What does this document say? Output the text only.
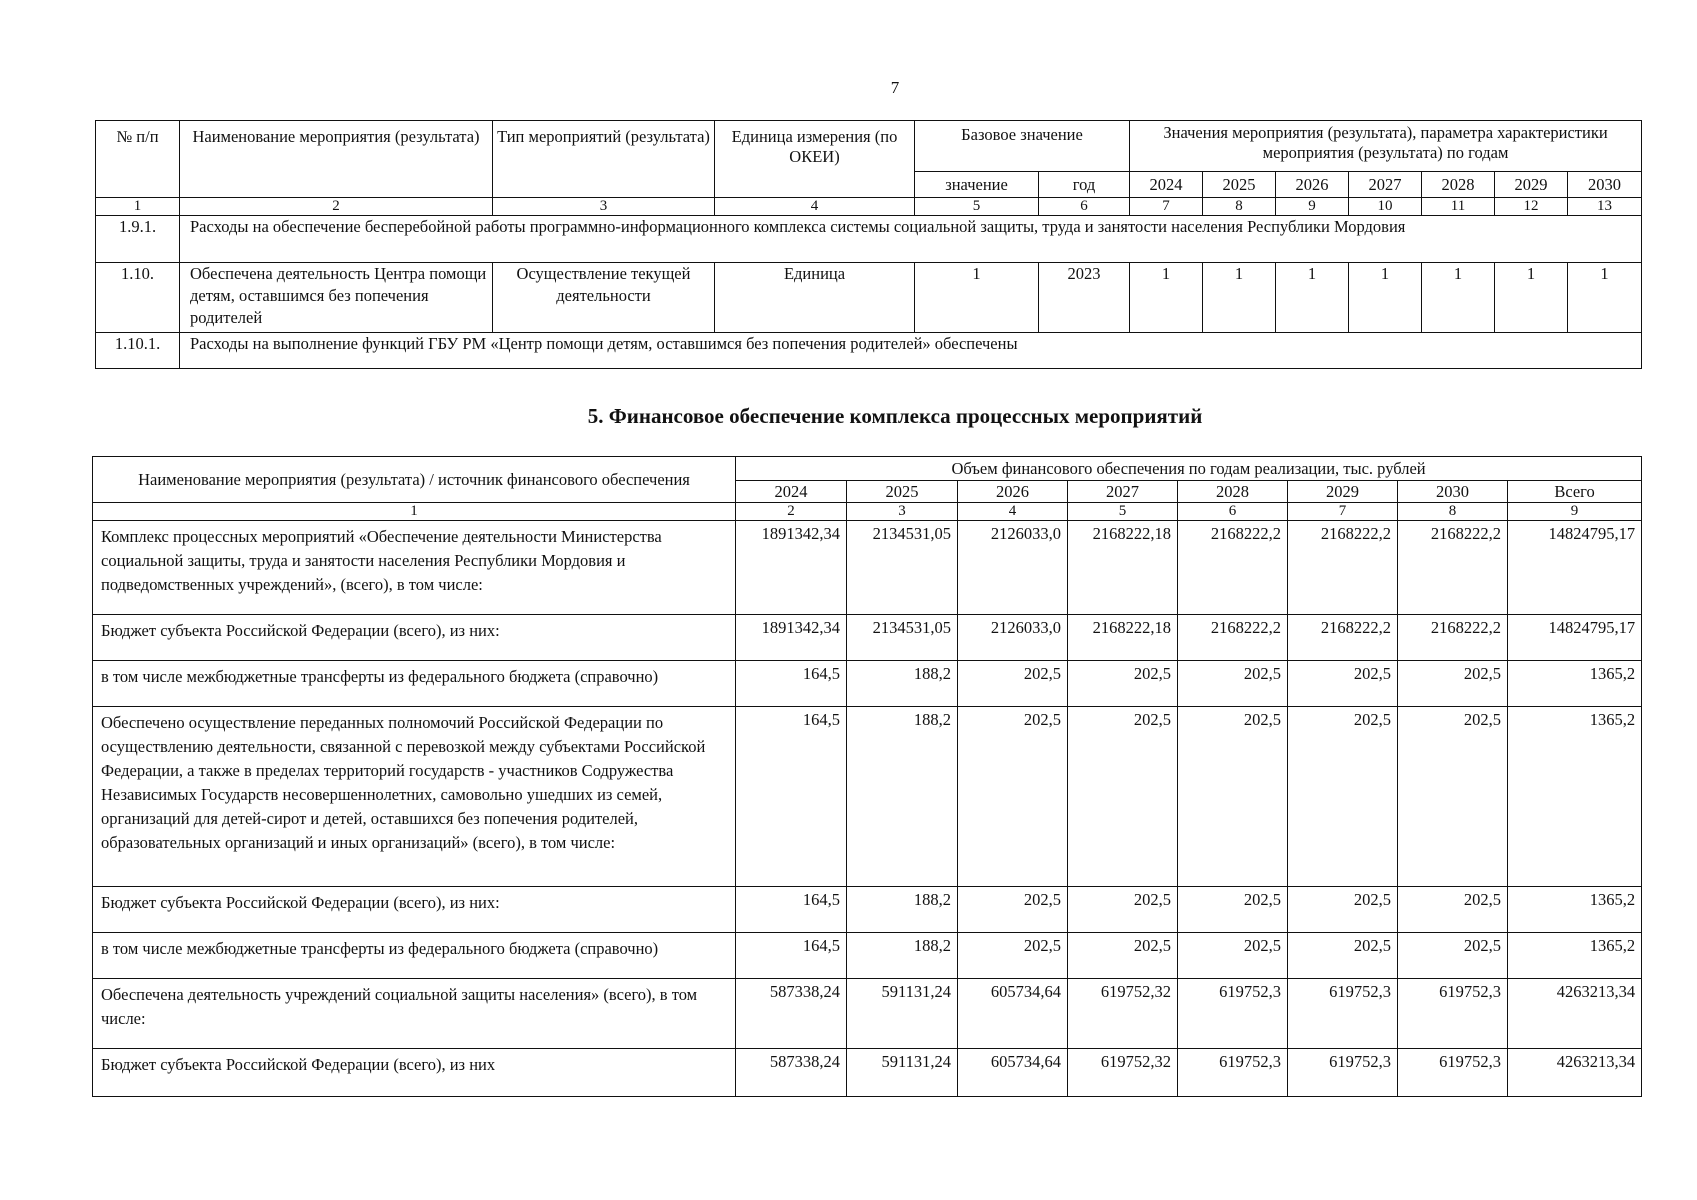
7
№ п/п	Наименование мероприятия (результата)	Тип мероприятий (результата)	Единица измерения (по ОКЕИ)	Базовое значение		Значения мероприятия (результата), параметра характеристики мероприятия (результата) по годам						
				значение	год	2024	2025	2026	2027	2028	2029	2030
1	2	3	4	5	6	7	8	9	10	11	12	13
1.9.1.	Расходы на обеспечение бесперебойной работы программно-информационного комплекса системы социальной защиты, труда и занятости населения Республики Мордовия											
1.10.	Обеспечена деятельность Центра помощи детям, оставшимся без попечения родителей	Осуществление текущей деятельности	Единица	1	2023	1	1	1	1	1	1	1
1.10.1.	Расходы на выполнение функций ГБУ РМ «Центр помощи детям, оставшимся без попечения родителей» обеспечены											
5. Финансовое обеспечение комплекса процессных мероприятий
Наименование мероприятия (результата) / источник финансового обеспечения	Объем финансового обеспечения по годам реализации, тыс. рублей							
	2024	2025	2026	2027	2028	2029	2030	Всего
1	2	3	4	5	6	7	8	9
Комплекс процессных мероприятий «Обеспечение деятельности Министерства социальной защиты, труда и занятости населения Республики Мордовия и подведомственных учреждений», (всего), в том числе:	1891342,34	2134531,05	2126033,0	2168222,18	2168222,2	2168222,2	2168222,2	14824795,17
Бюджет субъекта Российской Федерации (всего), из них:	1891342,34	2134531,05	2126033,0	2168222,18	2168222,2	2168222,2	2168222,2	14824795,17
в том числе межбюджетные трансферты из федерального бюджета (справочно)	164,5	188,2	202,5	202,5	202,5	202,5	202,5	1365,2
Обеспечено осуществление переданных полномочий Российской Федерации по осуществлению деятельности, связанной с перевозкой между субъектами Российской Федерации, а также в пределах территорий государств - участников Содружества Независимых Государств несовершеннолетних, самовольно ушедших из семей, организаций для детей-сирот и детей, оставшихся без попечения родителей, образовательных организаций и иных организаций» (всего), в том числе:	164,5	188,2	202,5	202,5	202,5	202,5	202,5	1365,2
Бюджет субъекта Российской Федерации (всего), из них:	164,5	188,2	202,5	202,5	202,5	202,5	202,5	1365,2
в том числе межбюджетные трансферты из федерального бюджета (справочно)	164,5	188,2	202,5	202,5	202,5	202,5	202,5	1365,2
Обеспечена деятельность учреждений социальной защиты населения» (всего), в том числе:	587338,24	591131,24	605734,64	619752,32	619752,3	619752,3	619752,3	4263213,34
Бюджет субъекта Российской Федерации (всего), из них	587338,24	591131,24	605734,64	619752,32	619752,3	619752,3	619752,3	4263213,34
